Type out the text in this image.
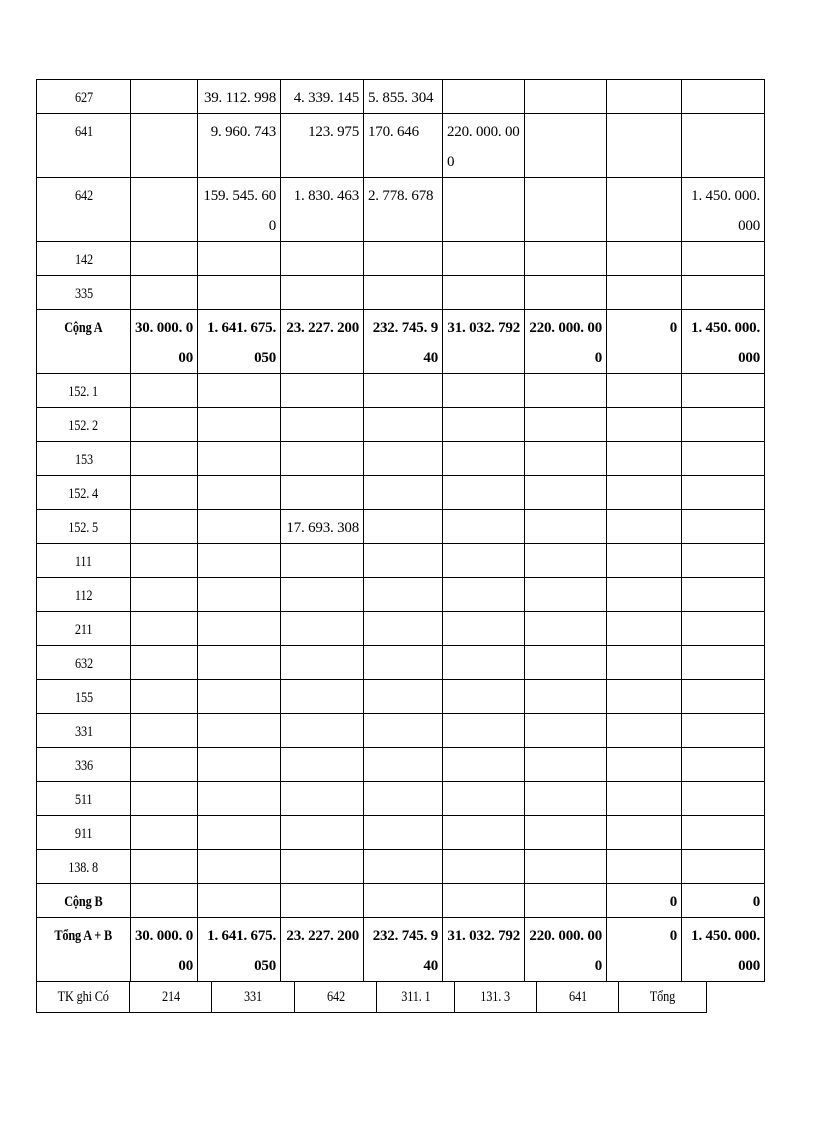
627		39. 112. 998	4. 339. 145	5. 855. 304				

641		9. 960. 743	123. 975	170. 646	220. 000. 000			

642		159. 545. 600	1. 830. 463	2. 778. 678				1. 450. 000. 000

142	

335	

Cộng A	30. 000. 000	1. 641. 675. 050	23. 227. 200	232. 745. 940	31. 032. 792	220. 000. 000	0	1. 450. 000. 000

152. 1	

152. 2	

153	

152. 4	

152. 5			17. 693. 308					

111	

112	

211	

632	

155	

331	

336	

511	

911	

138. 8	

Cộng B							0	0

Tổng A + B	30. 000. 000	1. 641. 675. 050	23. 227. 200	232. 745. 940	31. 032. 792	220. 000. 000	0	1. 450. 000. 000
TK ghi Có	214	331	642	311. 1	131. 3	641	Tổng
